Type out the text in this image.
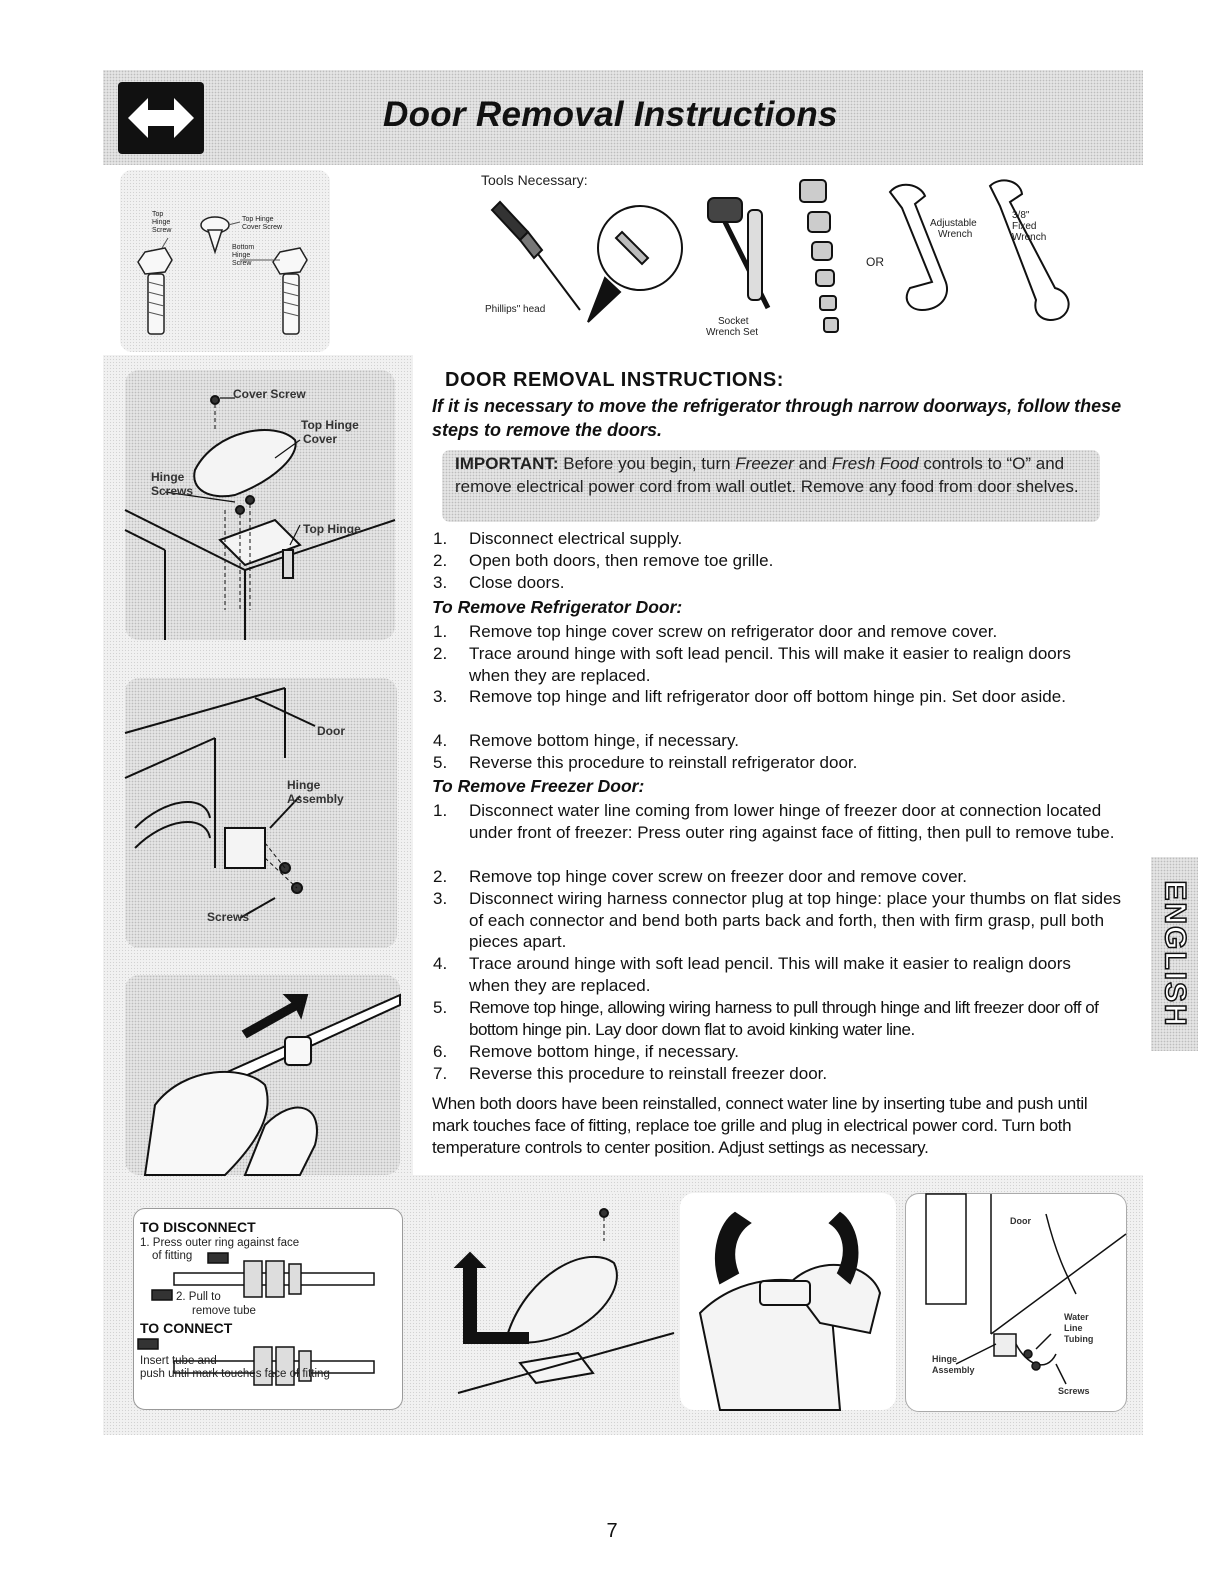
Door Removal Instructions
Top
Hinge
Screw
Top Hinge
Cover Screw
Bottom
Hinge
Screw
Tools Necessary:
Phillips" head
Socket
Wrench Set
OR
Adjustable
Wrench
3/8"
Fixed
Wrench
Cover Screw
Top Hinge
Cover
Hinge
Screws
Top Hinge
Door
Hinge
Assembly
Screws
DOOR REMOVAL INSTRUCTIONS:
If it is necessary to move the refrigerator through narrow doorways, follow these steps to remove the doors.
IMPORTANT: Before you begin, turn Freezer and Fresh Food controls to “O” and remove electrical power cord from wall outlet. Remove any food from door shelves.
1. Disconnect electrical supply.
2. Open both doors, then remove toe grille.
3. Close doors.
To Remove Refrigerator Door:
1. Remove top hinge cover screw on refrigerator door and remove cover.
2. Trace around hinge with soft lead pencil. This will make it easier to realign doors when they are replaced.
3. Remove top hinge and lift refrigerator door off bottom hinge pin. Set door aside.
4. Remove bottom hinge, if necessary.
5. Reverse this procedure to reinstall refrigerator door.
To Remove Freezer Door:
1. Disconnect water line coming from lower hinge of freezer door at connection located under front of freezer: Press outer ring against face of fitting, then pull to remove tube.
2. Remove top hinge cover screw on freezer door and remove cover.
3. Disconnect wiring harness connector plug at top hinge: place your thumbs on flat sides of each connector and bend both parts back and forth, then with firm grasp, pull both pieces apart.
4. Trace around hinge with soft lead pencil. This will make it easier to realign doors when they are replaced.
5. Remove top hinge, allowing wiring harness to pull through hinge and lift freezer door off of bottom hinge pin. Lay door down flat to avoid kinking water line.
6. Remove bottom hinge, if necessary.
7. Reverse this procedure to reinstall freezer door.
When both doors have been reinstalled, connect water line by inserting tube and push until mark touches face of fitting, replace toe grille and plug in electrical power cord. Turn both temperature controls to center position. Adjust settings as necessary.
TO DISCONNECT
1. Press outer ring against face
of fitting
2. Pull to
remove tube
TO CONNECT
Insert tube and
push until mark touches face of fitting
Door
Water
Line
Tubing
Hinge
Assembly
Screws
ENGLISH
7
